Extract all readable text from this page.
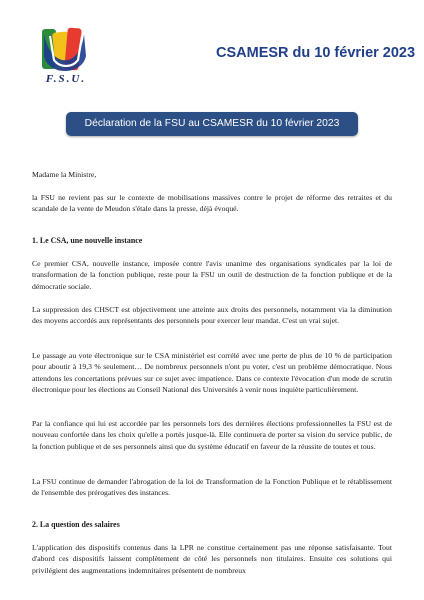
F.S.U.
CSAMESR du 10 février 2023
Déclaration de la FSU au CSAMESR du 10 février 2023
Madame la Ministre,

la FSU ne revient pas sur le contexte de mobilisations massives contre le projet de réforme des retraites et du scandale de la vente de Meudon s'étale dans la presse, déjà évoqué.

1. Le CSA, une nouvelle instance

Ce premier CSA, nouvelle instance, imposée contre l'avis unanime des organisations syndicales par la loi de transformation de la fonction publique, reste pour la FSU un outil de destruction de la fonction publique et de la démocratie sociale.

La suppression des CHSCT est objectivement une atteinte aux droits des personnels, notamment via la diminution des moyens accordés aux représentants des personnels pour exercer leur mandat. C'est un vrai sujet.

Le passage au vote électronique sur le CSA ministériel est corrélé avec une perte de plus de 10 % de participation pour aboutir à 19,3 % seulement… De nombreux personnels n'ont pu voter, c'est un problème démocratique. Nous attendons les concertations prévues sur ce sujet avec impatience. Dans ce contexte l'évocation d'un mode de scrutin électronique pour les élections au Conseil National des Universités à venir nous inquiète particulièrement.

Par la confiance qui lui est accordée par les personnels lors des dernières élections professionnelles la FSU est de nouveau confortée dans les choix qu'elle a portés jusque-là. Elle continuera de porter sa vision du service public, de la fonction publique et de ses personnels ainsi que du système éducatif en faveur de la réussite de toutes et tous.

La FSU continue de demander l'abrogation de la loi de Transformation de la Fonction Publique et le rétablissement de l'ensemble des prérogatives des instances.

2. La question des salaires

L'application des dispositifs contenus dans la LPR ne constitue certainement pas une réponse satisfaisante. Tout d'abord ces dispositifs laissent complètement de côté les personnels non titulaires. Ensuite ces solutions qui privilégient des augmentations indemnitaires présentent de nombreux
